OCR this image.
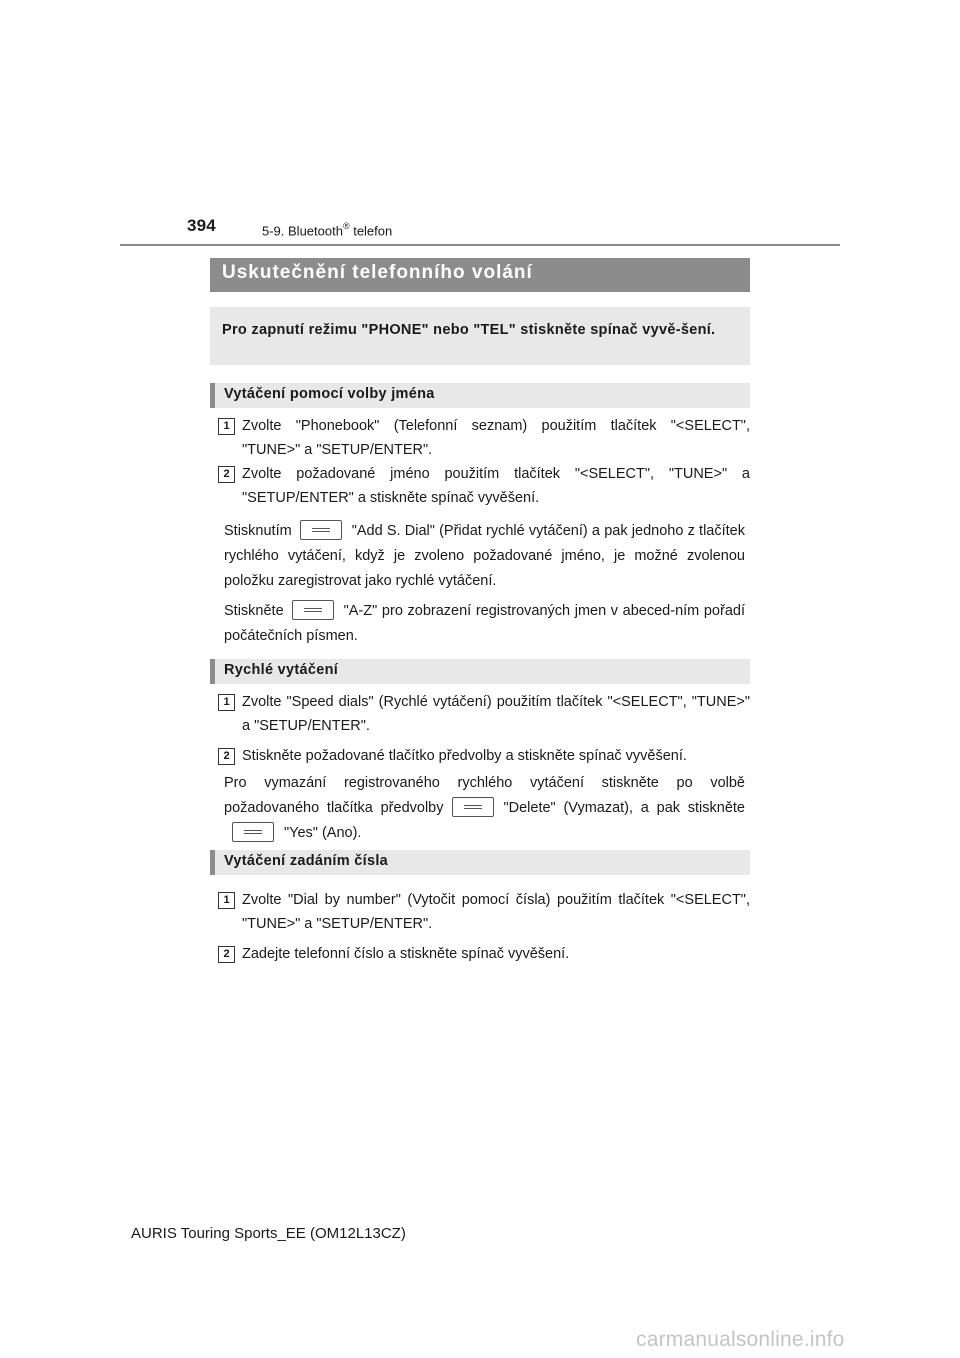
394	5-9. Bluetooth® telefon
Uskutečnění telefonního volání
Pro zapnutí režimu "PHONE" nebo "TEL" stiskněte spínač vyvě-šení.
Vytáčení pomocí volby jména
1 Zvolte "Phonebook" (Telefonní seznam) použitím tlačítek "<SELECT", "TUNE>" a "SETUP/ENTER".
2 Zvolte požadované jméno použitím tlačítek "<SELECT", "TUNE>" a "SETUP/ENTER" a stiskněte spínač vyvěšení.
Stisknutím	"Add S. Dial" (Přidat rychlé vytáčení) a pak jednoho z tlačítek rychlého vytáčení, když je zvoleno požadované jméno, je možné zvolenou položku zaregistrovat jako rychlé vytáčení.
Stiskněte	"A-Z" pro zobrazení registrovaných jmen v abeced-ním pořadí počátečních písmen.
Rychlé vytáčení
1 Zvolte "Speed dials" (Rychlé vytáčení) použitím tlačítek "<SELECT", "TUNE>" a "SETUP/ENTER".
2 Stiskněte požadované tlačítko předvolby a stiskněte spínač vyvěšení.
Pro vymazání registrovaného rychlého vytáčení stiskněte po volbě požadovaného tlačítka předvolby	"Delete" (Vymazat), a pak stiskněte"Yes" (Ano).
Vytáčení zadáním čísla
1 Zvolte "Dial by number" (Vytočit pomocí čísla) použitím tlačítek "<SELECT", "TUNE>" a "SETUP/ENTER".
2 Zadejte telefonní číslo a stiskněte spínač vyvěšení.
AURIS Touring Sports_EE (OM12L13CZ)
carmanualsonline.info
